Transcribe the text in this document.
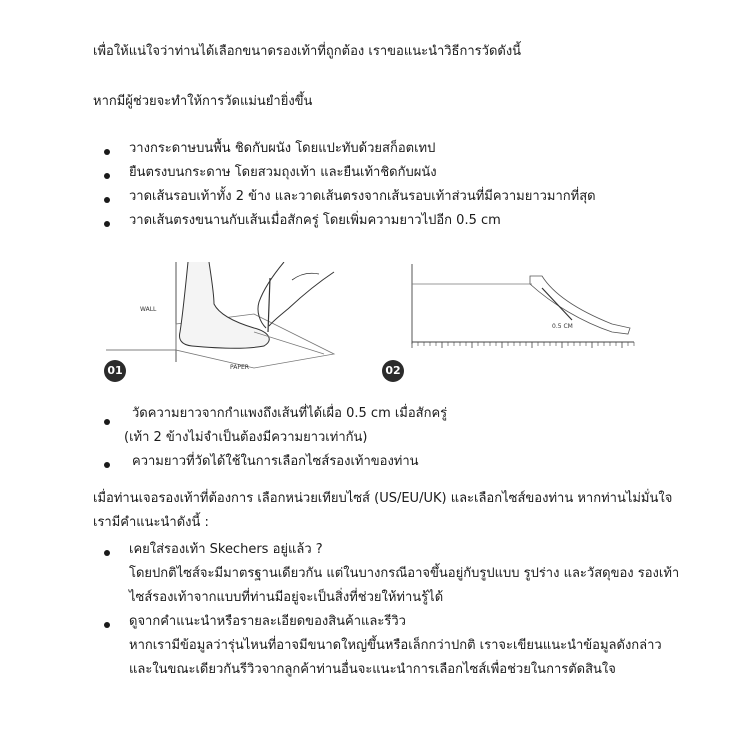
เพื่อให้แน่ใจว่าท่านได้เลือกขนาดรองเท้าที่ถูกต้อง เราขอแนะนำวิธีการวัดดังนี้
หากมีผู้ช่วยจะทำให้การวัดแม่นยำยิ่งขึ้น
วางกระดาษบนพื้น ชิดกับผนัง โดยแปะทับด้วยสก็อตเทป
ยืนตรงบนกระดาษ โดยสวมถุงเท้า และยืนเท้าชิดกับผนัง
วาดเส้นรอบเท้าทั้ง 2 ข้าง และวาดเส้นตรงจากเส้นรอบเท้าส่วนที่มีความยาวมากที่สุด
วาดเส้นตรงขนานกับเส้นเมื่อสักครู่ โดยเพิ่มความยาวไปอีก 0.5 cm
WALL
PAPER
01
0.5 CM
02
วัดความยาวจากกำแพงถึงเส้นที่ได้เผื่อ 0.5 cm เมื่อสักครู่
(เท้า 2 ข้างไม่จำเป็นต้องมีความยาวเท่ากัน)
ความยาวที่วัดได้ใช้ในการเลือกไซส์รองเท้าของท่าน
เมื่อท่านเจอรองเท้าที่ต้องการ เลือกหน่วยเทียบไซส์ (US/EU/UK) และเลือกไซส์ของท่าน หากท่านไม่มั่นใจ
เรามีคำแนะนำดังนี้ :
เคยใส่รองเท้า Skechers อยู่แล้ว ?
โดยปกติไซส์จะมีมาตรฐานเดียวกัน แต่ในบางกรณีอาจขึ้นอยู่กับรูปแบบ รูปร่าง และวัสดุของ รองเท้า
ไซส์รองเท้าจากแบบที่ท่านมีอยู่จะเป็นสิ่งที่ช่วยให้ท่านรู้ได้
ดูจากคำแนะนำหรือรายละเอียดของสินค้าและรีวิว
หากเรามีข้อมูลว่ารุ่นไหนที่อาจมีขนาดใหญ่ขึ้นหรือเล็กกว่าปกติ เราจะเขียนแนะนำข้อมูลดังกล่าว
และในขณะเดียวกันรีวิวจากลูกค้าท่านอื่นจะแนะนำการเลือกไซส์เพื่อช่วยในการตัดสินใจ
